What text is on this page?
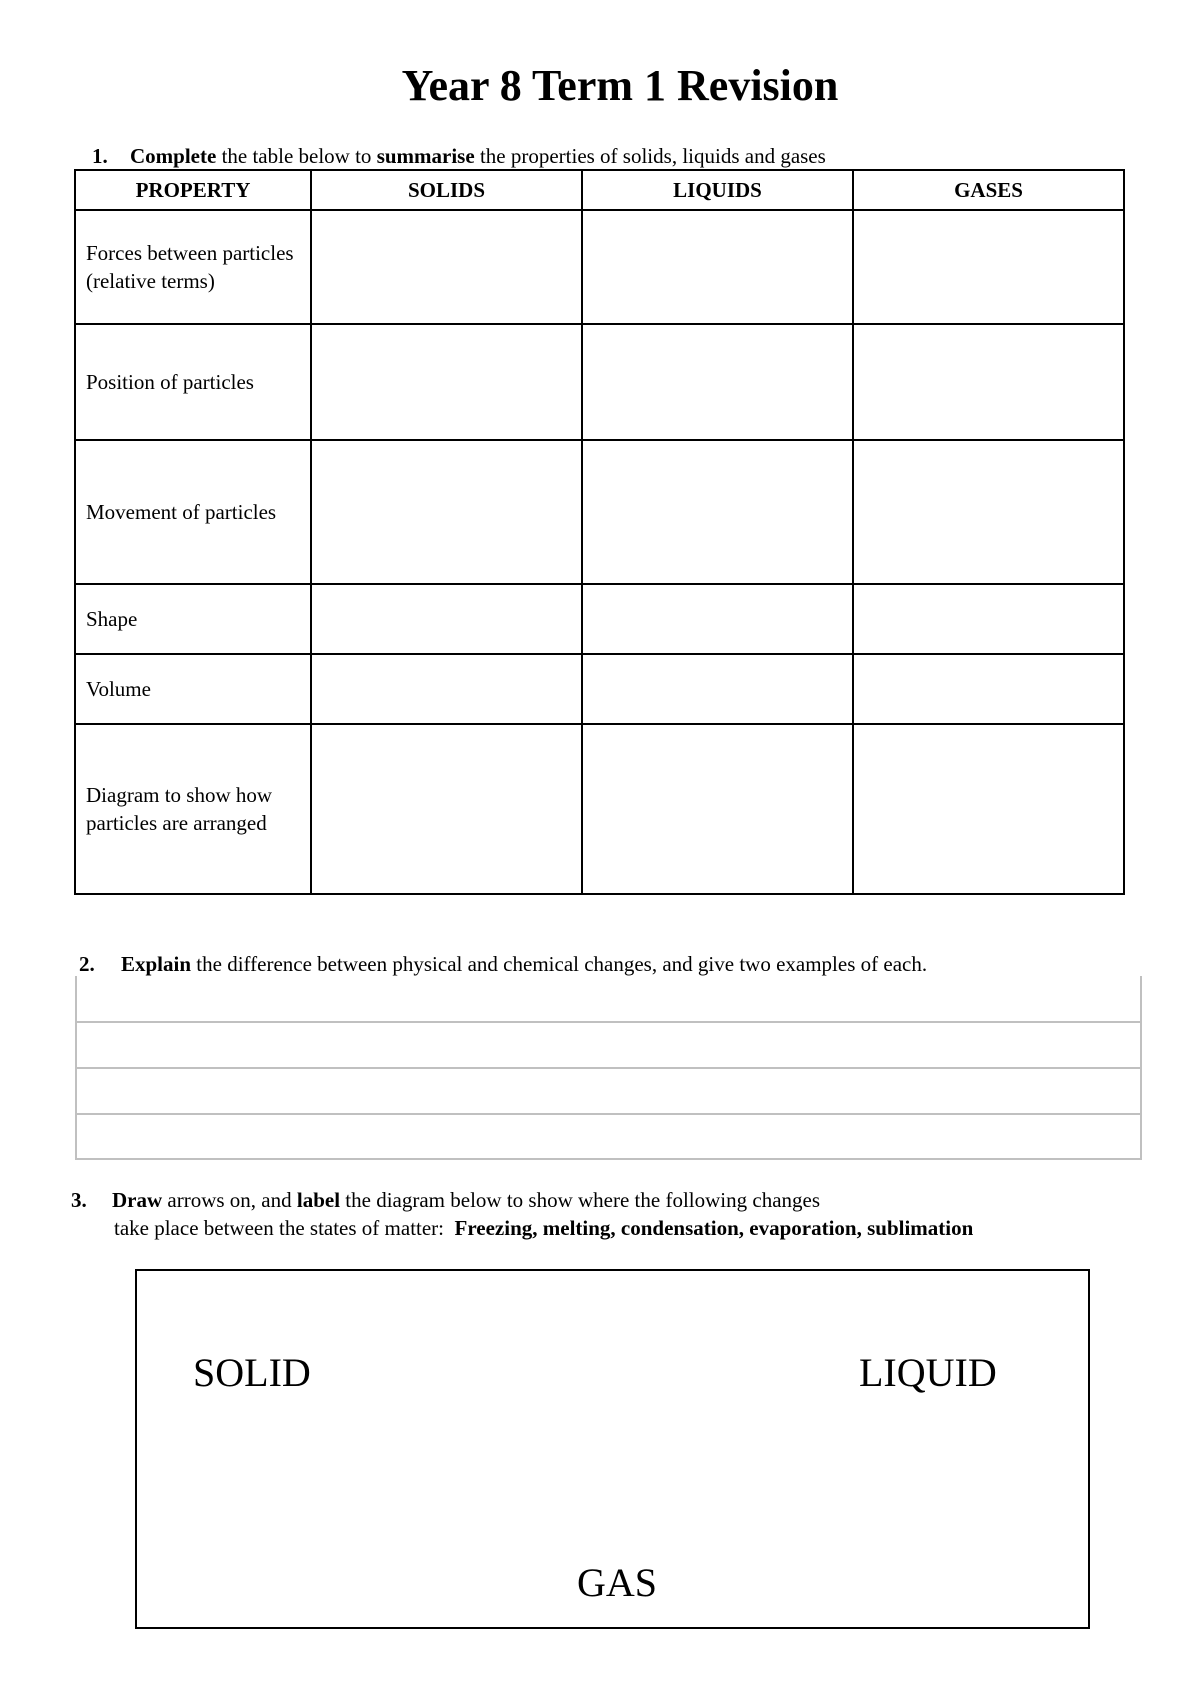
Year 8 Term 1 Revision
1. Complete the table below to summarise the properties of solids, liquids and gases
PROPERTY	SOLIDS	LIQUIDS	GASES
Forces between particles (relative terms)			
Position of particles			
Movement of particles			
Shape			
Volume			
Diagram to show how particles are arranged			
2. Explain the difference between physical and chemical changes, and give two examples of each.
3. Draw arrows on, and label the diagram below to show where the following changes
take place between the states of matter:  Freezing, melting, condensation, evaporation, sublimation
SOLID	LIQUID
GAS
